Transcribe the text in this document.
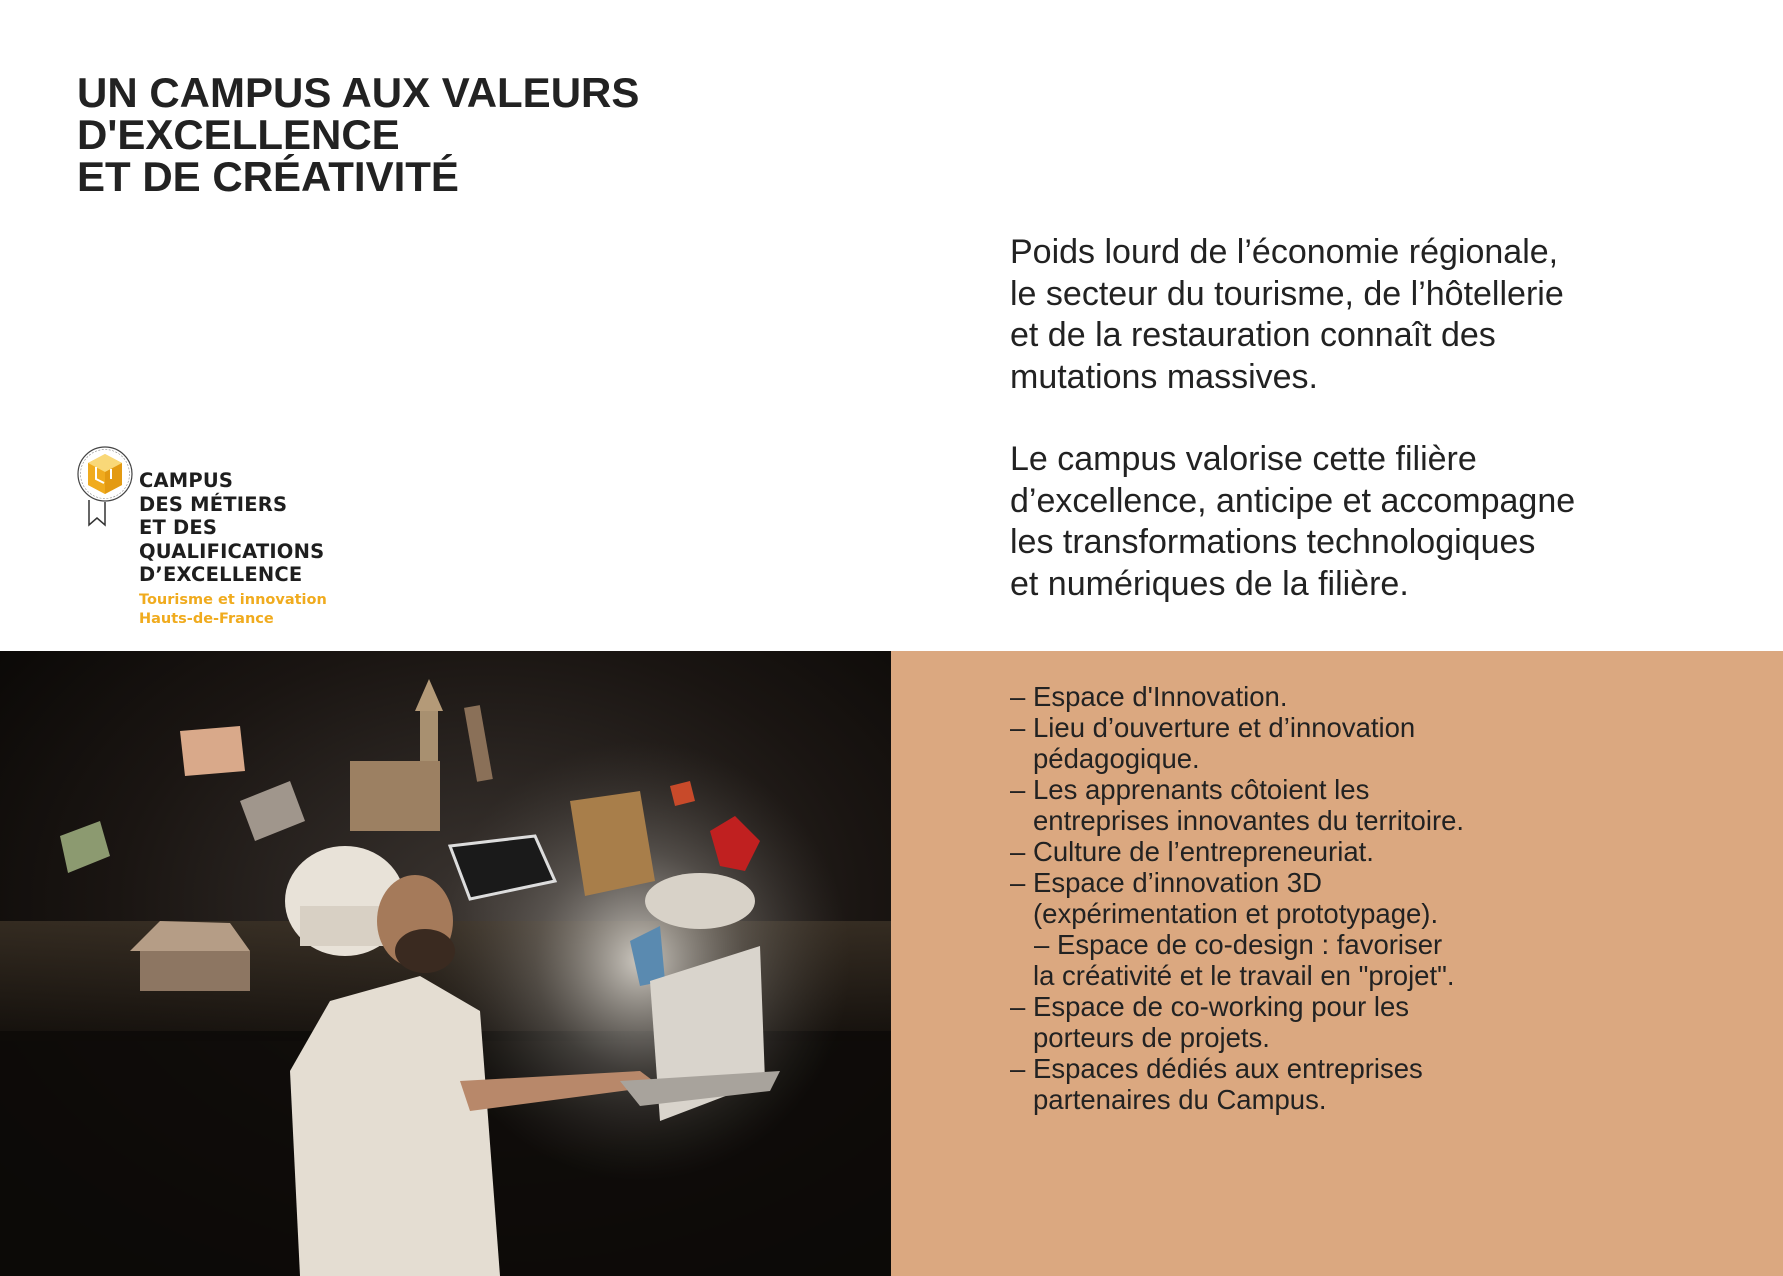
UN CAMPUS AUX VALEURS
D'EXCELLENCE
ET DE CRÉATIVITÉ

Poids lourd de l’économie régionale,
le secteur du tourisme, de l’hôtellerie
et de la restauration connaît des
mutations massives.

Le campus valorise cette filière
d’excellence, anticipe et accompagne
les transformations technologiques
et numériques de la filière.

CAMPUS
DES MÉTIERS
ET DES
QUALIFICATIONS
D’EXCELLENCE
Tourisme et innovation
Hauts-de-France
– Espace d'Innovation.
– Lieu d’ouverture et d’innovation
pédagogique.
– Les apprenants côtoient les
entreprises innovantes du territoire.
– Culture de l’entrepreneuriat.
– Espace d’innovation 3D
(expérimentation et prototypage).
– Espace de co-design : favoriser
la créativité et le travail en "projet".
– Espace de co-working pour les
porteurs de projets.
– Espaces dédiés aux entreprises
partenaires du Campus.
